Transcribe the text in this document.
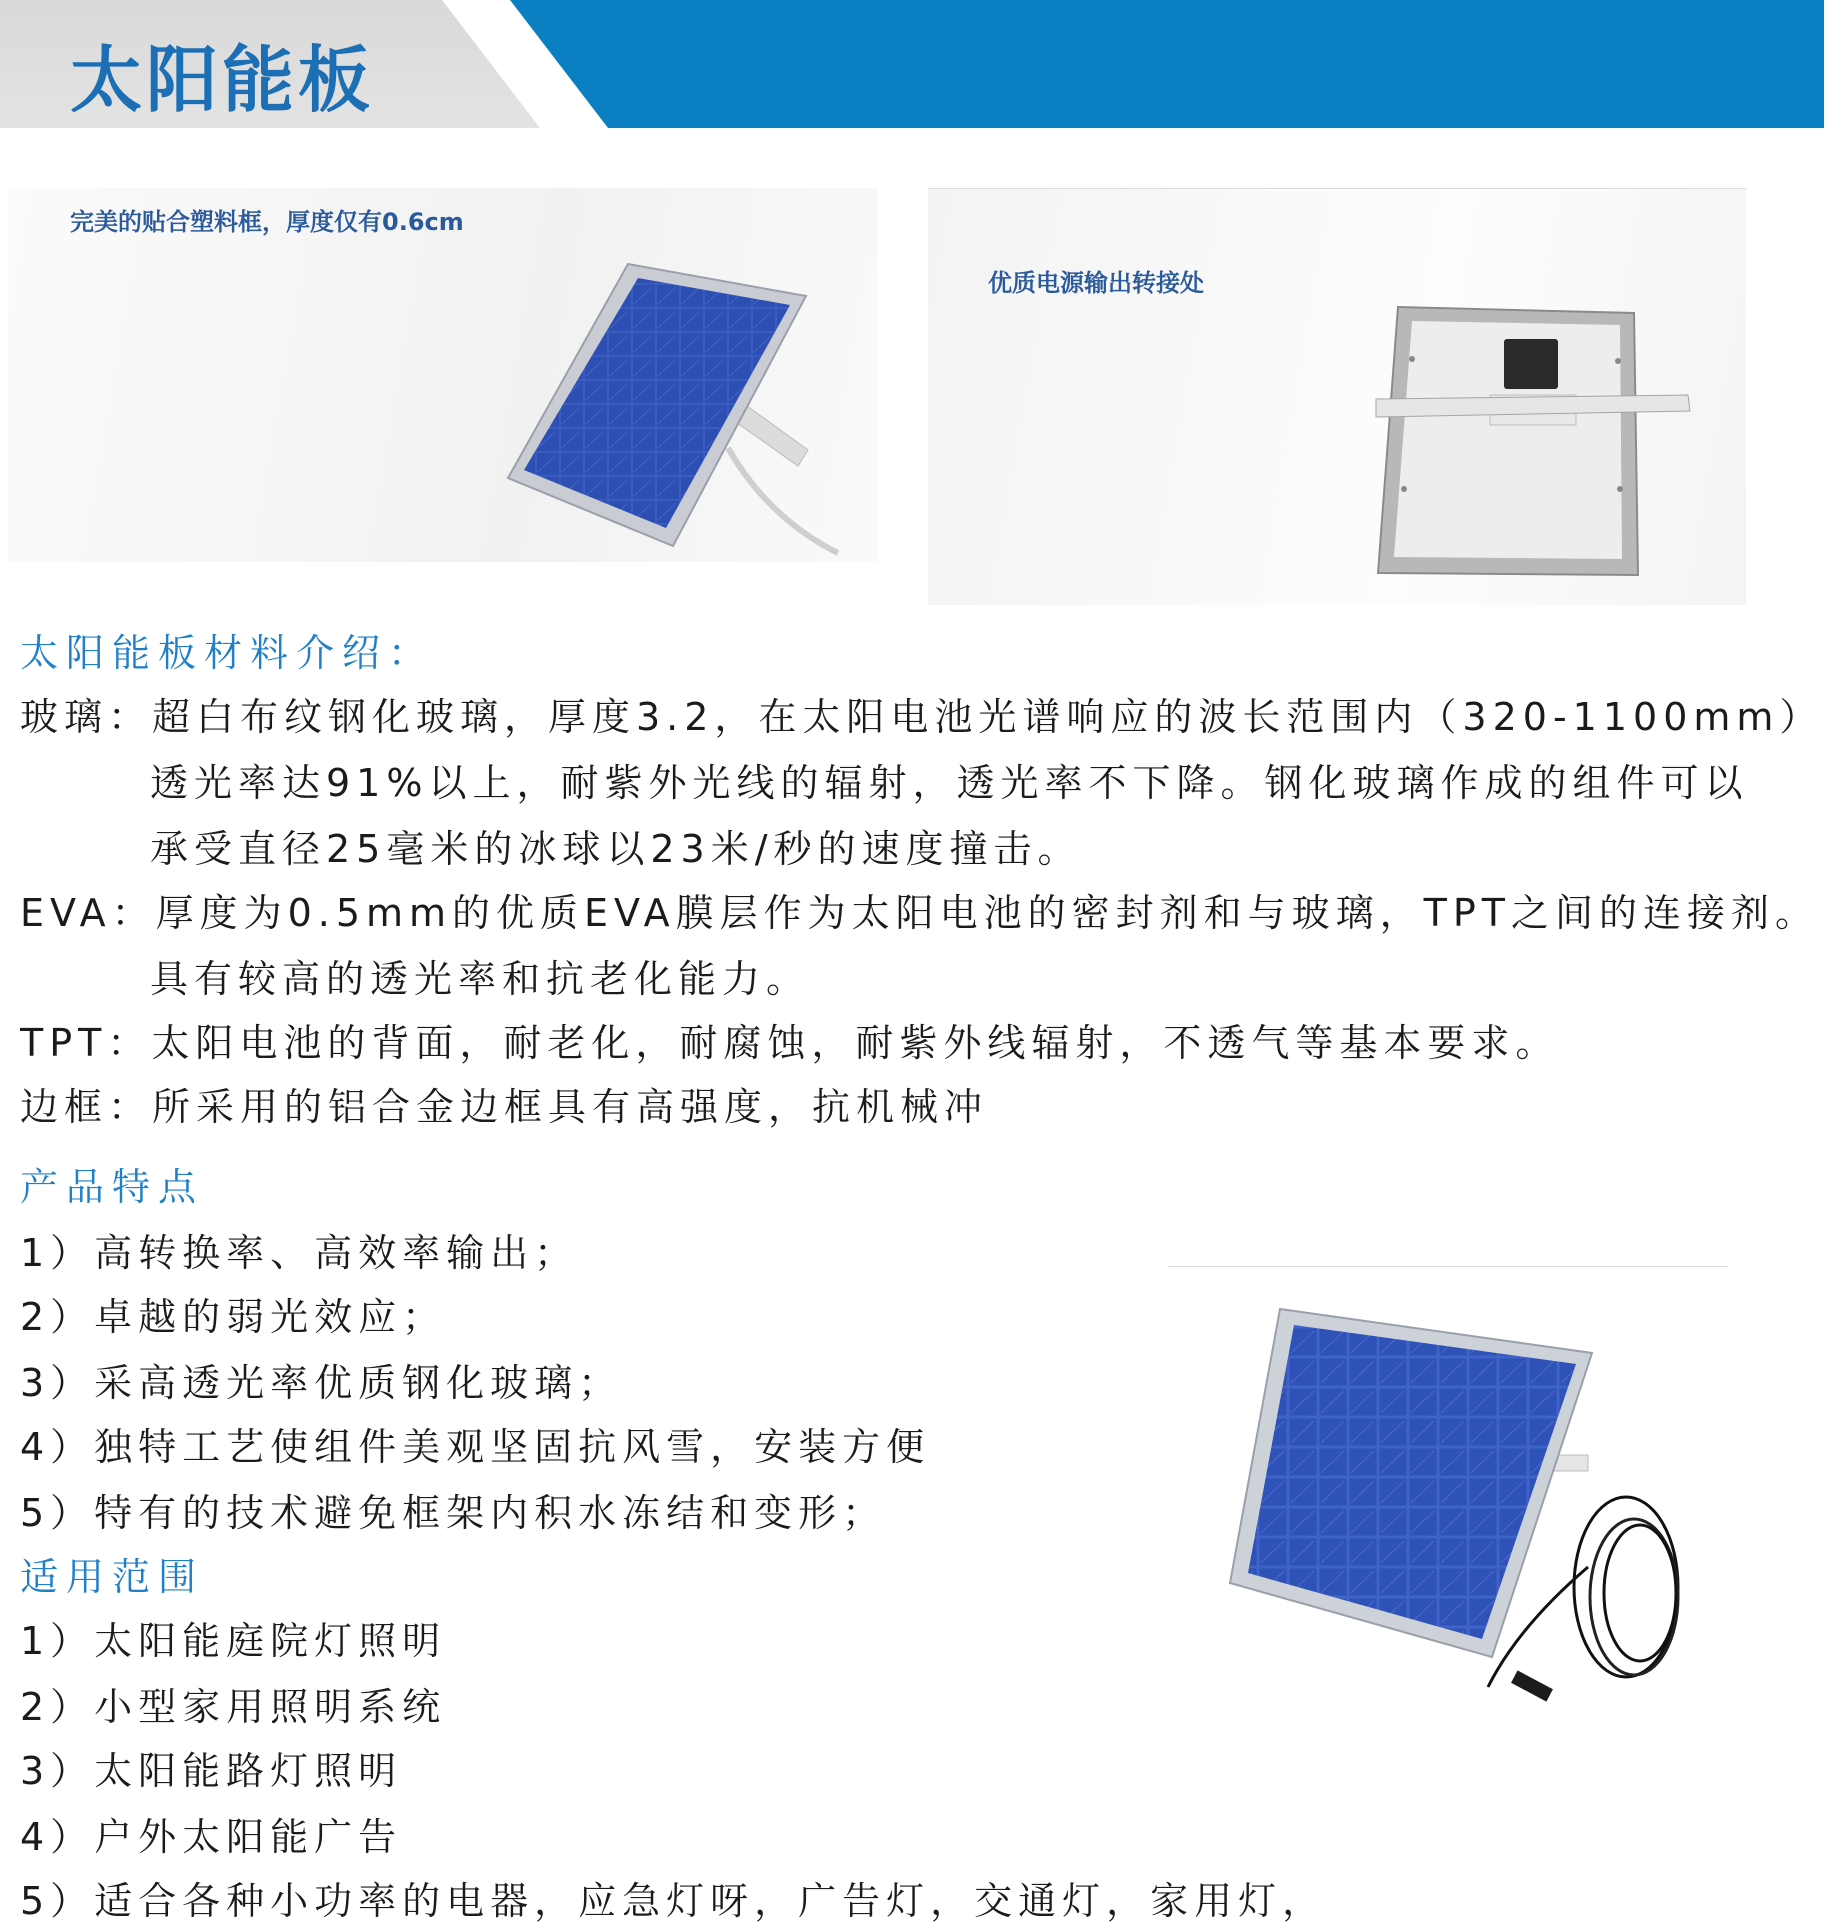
太阳能板
完美的贴合塑料框，厚度仅有0.6cm
优质电源输出转接处
太阳能板材料介绍：
玻璃：超白布纹钢化玻璃，厚度3.2，在太阳电池光谱响应的波长范围内（320-1100mm）
透光率达91%以上，耐紫外光线的辐射，透光率不下降。钢化玻璃作成的组件可以
承受直径25毫米的冰球以23米/秒的速度撞击。
EVA：厚度为0.5mm的优质EVA膜层作为太阳电池的密封剂和与玻璃，TPT之间的连接剂。
具有较高的透光率和抗老化能力。
TPT：太阳电池的背面，耐老化，耐腐蚀，耐紫外线辐射，不透气等基本要求。
边框：所采用的铝合金边框具有高强度，抗机械冲
产品特点
1）高转换率、高效率输出；
2）卓越的弱光效应；
3）采高透光率优质钢化玻璃；
4）独特工艺使组件美观坚固抗风雪，安装方便
5）特有的技术避免框架内积水冻结和变形；
适用范围
1）太阳能庭院灯照明
2）小型家用照明系统
3）太阳能路灯照明
4）户外太阳能广告
5）适合各种小功率的电器，应急灯呀，广告灯，交通灯，家用灯，
